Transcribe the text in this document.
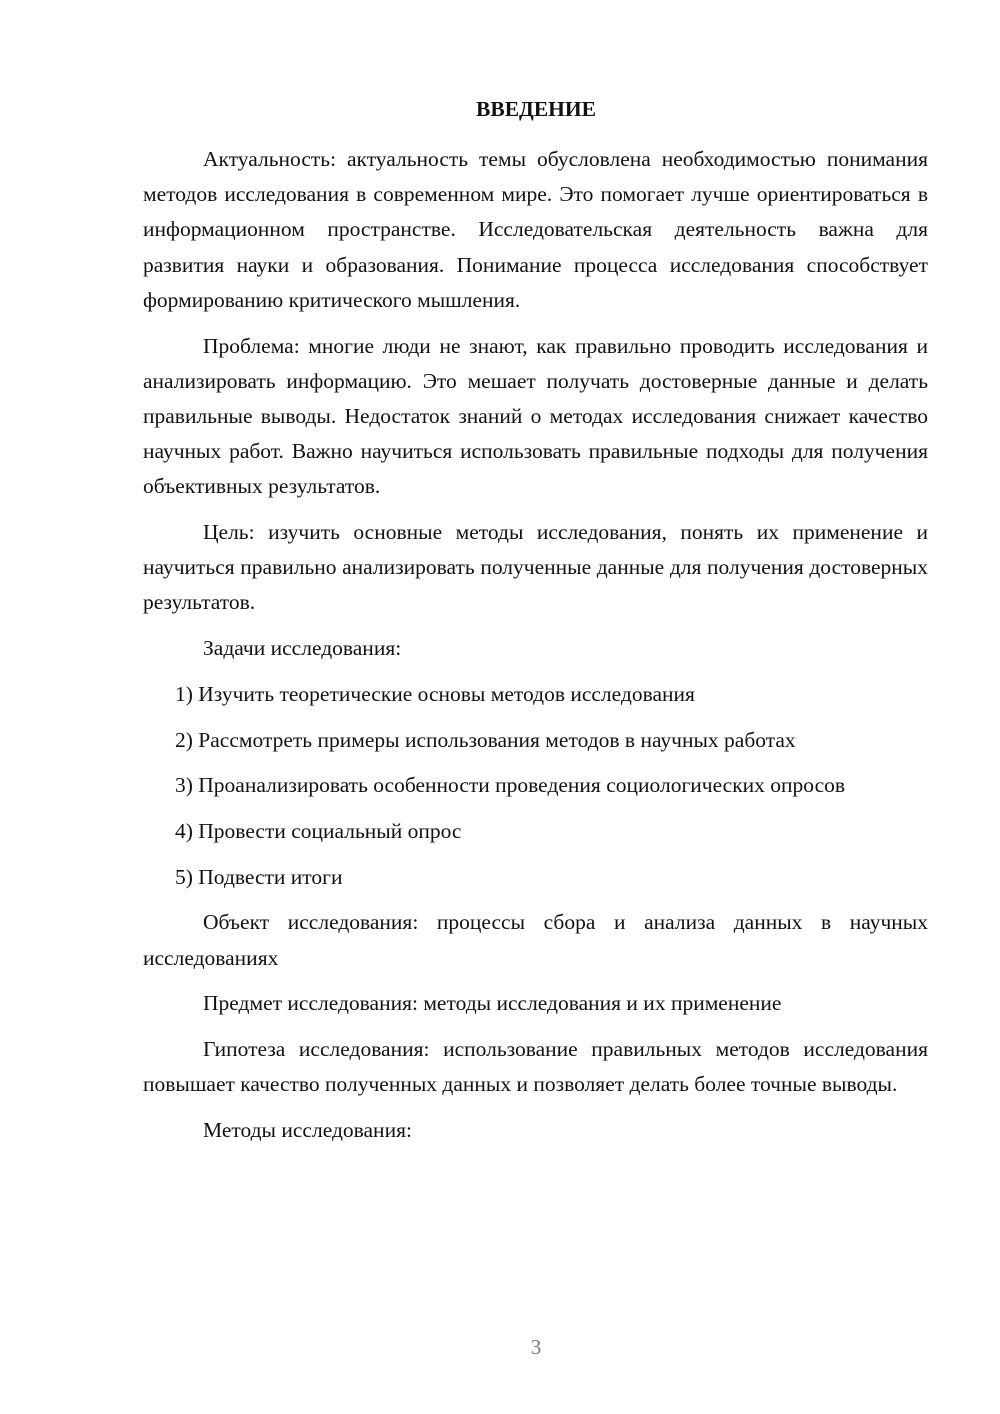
ВВЕДЕНИЕ

Актуальность: актуальность темы обусловлена необходимостью понимания методов исследования в современном мире. Это помогает лучше ориентироваться в информационном пространстве. Исследовательская деятельность важна для развития науки и образования. Понимание процесса исследования способствует формированию критического мышления.

Проблема: многие люди не знают, как правильно проводить исследования и анализировать информацию. Это мешает получать достоверные данные и делать правильные выводы. Недостаток знаний о методах исследования снижает качество научных работ. Важно научиться использовать правильные подходы для получения объективных результатов.

Цель: изучить основные методы исследования, понять их применение и научиться правильно анализировать полученные данные для получения достоверных результатов.

Задачи исследования:

1) Изучить теоретические основы методов исследования

2) Рассмотреть примеры использования методов в научных работах

3) Проанализировать особенности проведения социологических опросов

4) Провести социальный опрос

5) Подвести итоги

Объект исследования: процессы сбора и анализа данных в научных исследованиях

Предмет исследования: методы исследования и их применение

Гипотеза исследования: использование правильных методов исследования повышает качество полученных данных и позволяет делать более точные выводы.

Методы исследования:

3
